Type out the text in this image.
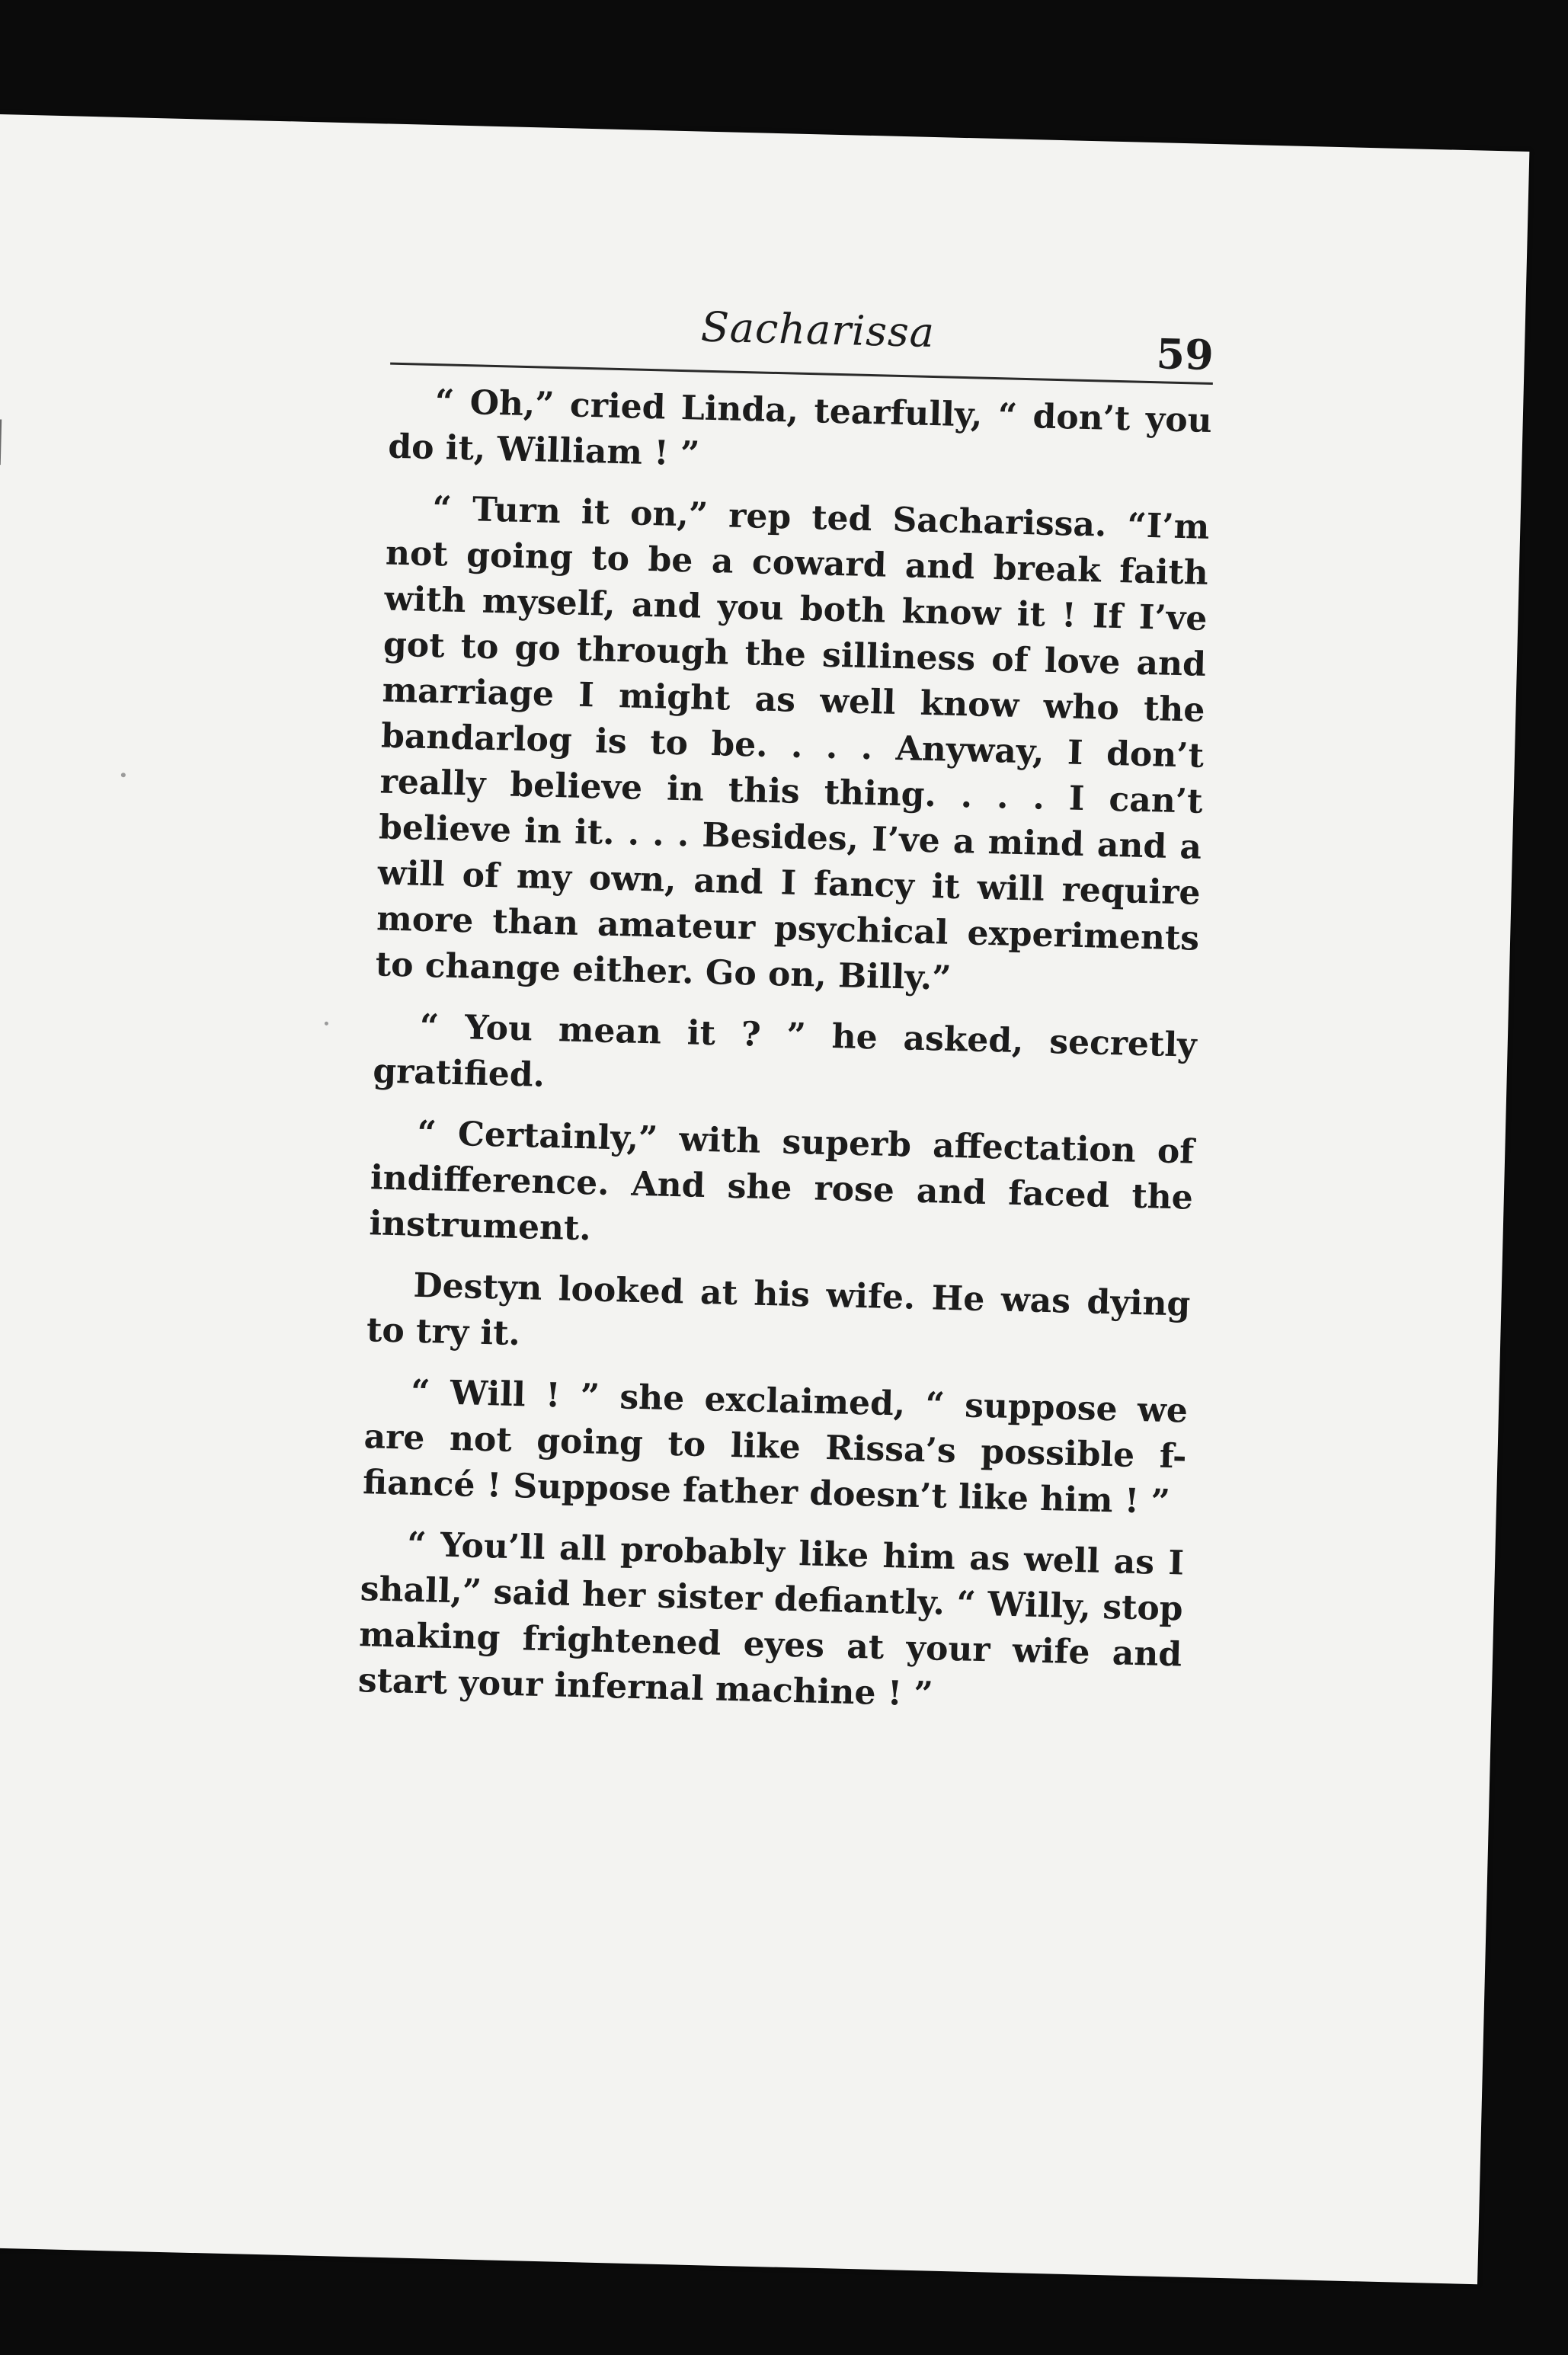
Sacharissa	59

“ Oh,” cried Linda, tearfully, “ don’t you do it, William ! ”

“ Turn it on,” rep ted Sacharissa. “I’m not going to be a coward and break faith with myself, and you both know it ! If I’ve got to go through the silliness of love and marriage I might as well know who the bandarlog is to be. . . . Anyway, I don’t really believe in this thing. . . . I can’t believe in it. . . . Besides, I’ve a mind and a will of my own, and I fancy it will require more than amateur psychical experiments to change either. Go on, Billy.”

“ You mean it ? ” he asked, secretly gratified.

“ Certainly,” with superb affectation of indifference. And she rose and faced the instrument.

Destyn looked at his wife. He was dying to try it.

“ Will ! ” she exclaimed, “ suppose we are not going to like Rissa’s possible f-fiancé ! Suppose father doesn’t like him ! ”

“ You’ll all probably like him as well as I shall,” said her sister defiantly. “ Willy, stop making frightened eyes at your wife and start your infernal machine ! ”
